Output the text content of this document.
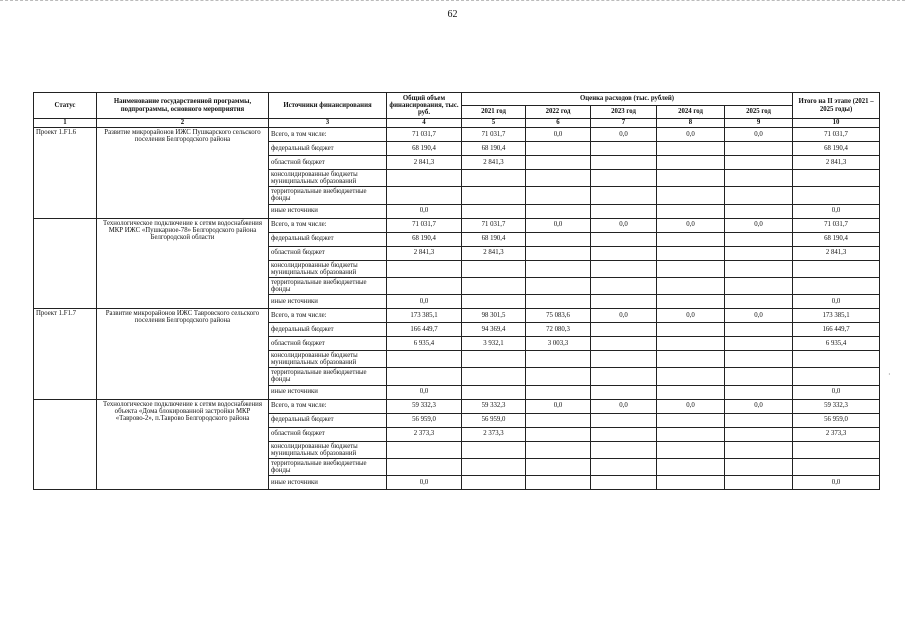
62
Статус	Наименование государственной программы, подпрограммы, основного мероприятия	Источники финансирования	Общий объем финансирования, тыс. руб.	Оценка расходов (тыс. рублей)					Итого на II этапе (2021 – 2025 годы)
				2021 год	2022 год	2023 год	2024 год	2025 год	
1	2	3	4	5	6	7	8	9	10
Проект 1.F1.6	Развитие микрорайонов ИЖС Пушкарского сельского поселения Белгородского района	Всего, в том числе:	71 031,7	71 031,7	0,0	0,0	0,0	0,0	71 031,7
		федеральный бюджет	68 190,4	68 190,4					68 190,4
		областной бюджет	2 841,3	2 841,3					2 841,3
		консолидированные бюджеты муниципальных образований							
		территориальные внебюджетные фонды							
		иные источники	0,0						0,0
	Технологическое подключение к сетям водоснабжения МКР ИЖС «Пушкарное-78» Белгородского района Белгородской области	Всего, в том числе:	71 031,7	71 031,7	0,0	0,0	0,0	0,0	71 031,7
		федеральный бюджет	68 190,4	68 190,4					68 190,4
		областной бюджет	2 841,3	2 841,3					2 841,3
		консолидированные бюджеты муниципальных образований							
		территориальные внебюджетные фонды							
		иные источники	0,0						0,0
Проект 1.F1.7	Развитие микрорайонов ИЖС Тавровского сельского поселения Белгородского района	Всего, в том числе:	173 385,1	98 301,5	75 083,6	0,0	0,0	0,0	173 385,1
		федеральный бюджет	166 449,7	94 369,4	72 080,3				166 449,7
		областной бюджет	6 935,4	3 932,1	3 003,3				6 935,4
		консолидированные бюджеты муниципальных образований							
		территориальные внебюджетные фонды							
		иные источники	0,0						0,0
	Технологическое подключение к сетям водоснабжения объекта «Дома блокированной застройки МКР «Таврово-2», п.Таврово Белгородского района	Всего, в том числе:	59 332,3	59 332,3	0,0	0,0	0,0	0,0	59 332,3
		федеральный бюджет	56 959,0	56 959,0					56 959,0
		областной бюджет	2 373,3	2 373,3					2 373,3
		консолидированные бюджеты муниципальных образований							
		территориальные внебюджетные фонды							
		иные источники	0,0						0,0
·
